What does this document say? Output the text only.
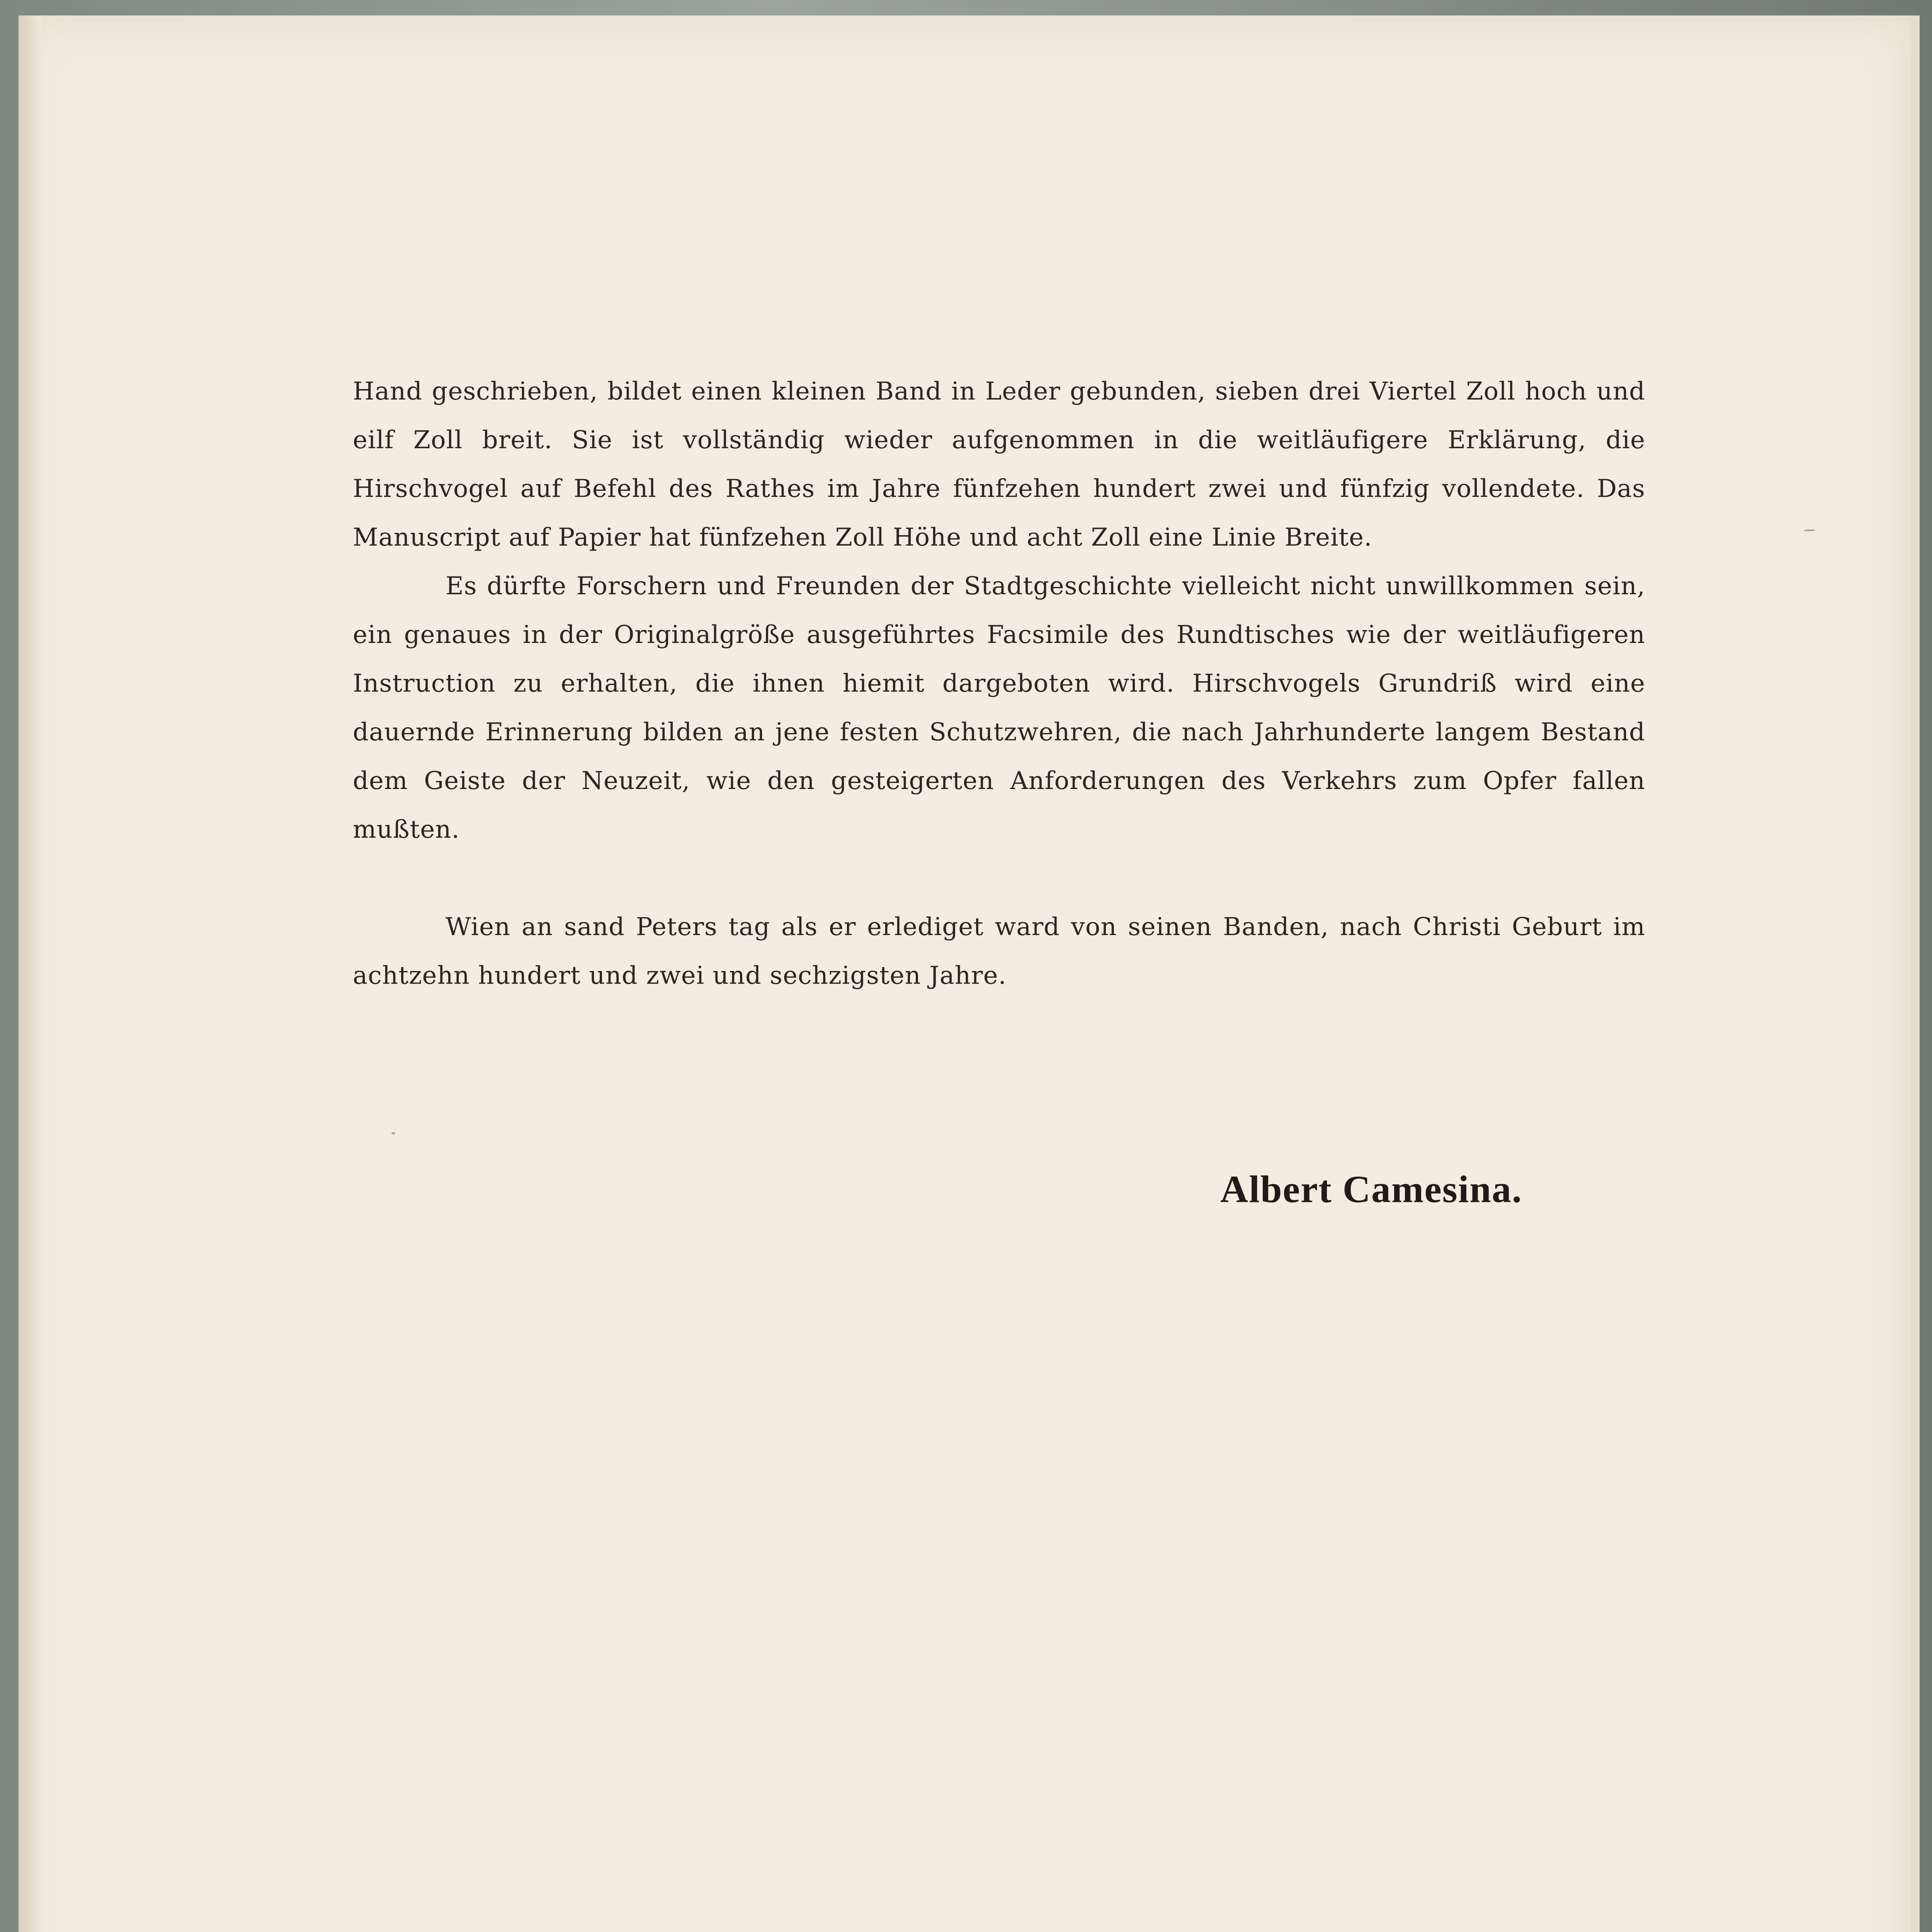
Hand geschrieben, bildet einen kleinen Band in Leder gebunden, sieben drei Viertel Zoll hoch und eilf Zoll breit. Sie ist vollständig wieder aufgenommen in die weitläufigere Erklärung, die Hirschvogel auf Befehl des Rathes im Jahre fünfzehen hundert zwei und fünfzig vollendete. Das Manuscript auf Papier hat fünfzehen Zoll Höhe und acht Zoll eine Linie Breite.

Es dürfte Forschern und Freunden der Stadtgeschichte vielleicht nicht unwillkommen sein, ein genaues in der Originalgröße ausgeführtes Facsimile des Rundtisches wie der weitläufigeren Instruction zu erhalten, die ihnen hiemit dargeboten wird. Hirschvogels Grundriß wird eine dauernde Erinnerung bilden an jene festen Schutzwehren, die nach Jahrhunderte langem Bestand dem Geiste der Neuzeit, wie den gesteigerten Anforderungen des Verkehrs zum Opfer fallen mußten.

Wien an sand Peters tag als er erlediget ward von seinen Banden, nach Christi Geburt im achtzehn hundert und zwei und sechzigsten Jahre.

Albert Camesina.
